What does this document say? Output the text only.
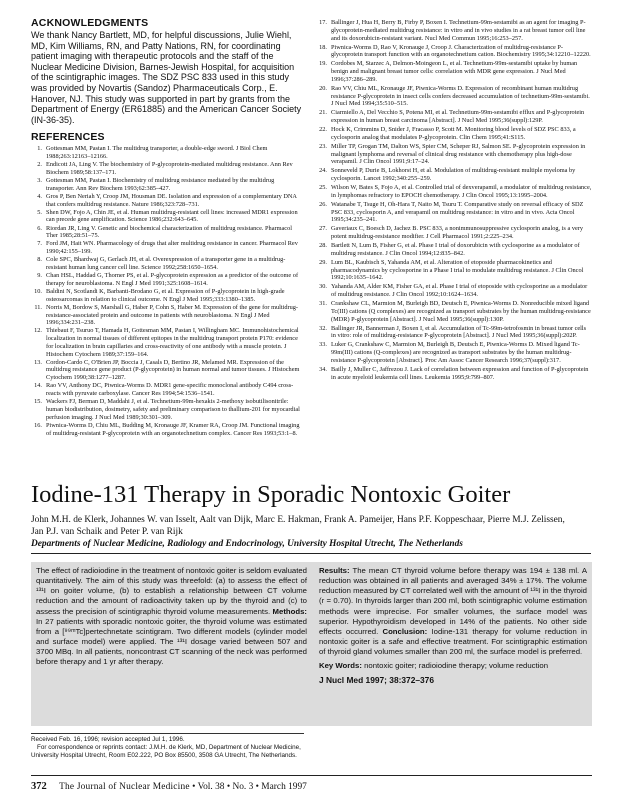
ACKNOWLEDGMENTS

We thank Nancy Bartlett, MD, for helpful discussions, Julie Wiehl, MD, Kim Williams, RN, and Patty Nations, RN, for coordinating patient imaging with therapeutic protocols and the staff of the Nuclear Medicine Division, Barnes-Jewish Hospital, for acquisition of the scintigraphic images. The SDZ PSC 833 used in this study was provided by Novartis (Sandoz) Pharmaceuticals Corp., E. Hanover, NJ. This study was supported in part by grants from the Department of Energy (ER61885) and the American Cancer Society (IN-36-35).

REFERENCES
1. Gottesman MM, Pastan I. The multidrug transporter, a double-edge sword. J Biol Chem 1988;263:12163–12166.
2. Endicott JA, Ling V. The biochemistry of P-glycoprotein-mediated multidrug resistance. Ann Rev Biochem 1989;58:137–171.
3. Gottesman MM, Pastan I. Biochemistry of multidrug resistance mediated by the multidrug transporter. Ann Rev Biochem 1993;62:385–427.
4. Gros P, Ben Neriah Y, Croop JM, Housman DE. Isolation and expression of a complementary DNA that confers multidrug resistance. Nature 1986;323:728–731.
5. Shen DW, Fojo A, Chin JE, et al. Human multidrug-resistant cell lines: increased MDR1 expression can precede gene amplification. Science 1986;232:643–645.
6. Riordan JR, Ling V. Genetic and biochemical characterization of multidrug resistance. Pharmacol Ther 1985;28:51–75.
7. Ford JM, Hait WN. Pharmacology of drugs that alter multidrug resistance in cancer. Pharmacol Rev 1990;42:155–199.
8. Cole SPC, Bhardwaj G, Gerlach JH, et al. Overexpression of a transporter gene in a multidrug-resistant human lung cancer cell line. Science 1992;258:1650–1654.
9. Chan HSL, Haddad G, Thorner PS, et al. P-glycoprotein expression as a predictor of the outcome of therapy for neuroblastoma. N Engl J Med 1991;325:1608–1614.
10. Baldini N, Scotlandi K, Barbanti-Brodano G, et al. Expression of P-glycoprotein in high-grade osteosarcomas in relation to clinical outcome. N Engl J Med 1995;333:1380–1385.
11. Norris M, Bordow S, Marshall G, Haber P, Cohn S, Haber M. Expression of the gene for multidrug-resistance-associated protein and outcome in patients with neuroblastoma. N Engl J Med 1996;334:231–238.
12. Thiebaut F, Tsuruo T, Hamada H, Gottesman MM, Pastan I, Willingham MC. Immunohistochemical localization in normal tissues of different epitopes in the multidrug transport protein P170: evidence for localization in brain capillaries and cross-reactivity of one antibody with a muscle protein. J Histochem Cytochem 1989;37:159–164.
13. Cordon-Cardo C, O'Brien JP, Boccia J, Casals D, Bertino JR, Melamed MR. Expression of the multidrug resistance gene product (P-glycoprotein) in human normal and tumor tissues. J Histochem Cytochem 1990;38:1277–1287.
14. Rao VV, Anthony DC, Piwnica-Worms D. MDR1 gene-specific monoclonal antibody C494 cross-reacts with pyruvate carboxylase. Cancer Res 1994;54:1536–1541.
15. Wackers FJ, Berman D, Maddahi J, et al. Technetium-99m-hexakis 2-methoxy isobutilisonitrile: human biodistribution, dosimetry, safety and preliminary comparison to thallium-201 for myocardial perfusion imaging. J Nucl Med 1989;30:301–309.
16. Piwnica-Worms D, Chiu ML, Budding M, Kronauge JF, Kramer RA, Croop JM. Functional imaging of multidrug-resistant P-glycoprotein with an organotechnetium complex. Cancer Res 1993;53:1–8.
17. Ballinger J, Hua H, Berry B, Firby P, Boxen I. Technetium-99m-sestamibi as an agent for imaging P-glycoprotein-mediated multidrug resistance: in vitro and in vivo studies in a rat breast tumor cell line and its doxorubicin-resistant variant. Nucl Med Commun 1995;16:253–257.
18. Piwnica-Worms D, Rao V, Kronauge J, Croop J. Characterization of multidrug-resistance P-glycoprotein transport function with an organotechnetium cation. Biochemistry 1995;34:12210–12220.
19. Cordobes M, Starzec A, Delmon-Moingeon L, et al. Technetium-99m-sestamibi uptake by human benign and malignant breast tumor cells: correlation with MDR gene expression. J Nucl Med 1996;37:286–289.
20. Rao VV, Chiu ML, Kronauge JF, Piwnica-Worms D. Expression of recombinant human multidrug resistance P-glycoprotein in insect cells confers decreased accumulation of technetium-99m-sestamibi. J Nucl Med 1994;35:510–515.
21. Ciarmiello A, Del Vecchio S, Potena MI, et al. Technetium-99m-sestamibi efflux and P-glycoprotein expression in human breast carcinoma [Abstract]. J Nucl Med 1995;36(suppl):129P.
22. Hock K, Crimmins D, Snider J, Fracasso P, Scott M. Monitoring blood levels of SDZ PSC 833, a cyclosporin analog that modulates P-glycoprotein. Clin Chem 1995;41:S115.
23. Miller TP, Grogan TM, Dalton WS, Spier CM, Scheper RJ, Salmon SE. P-glycoprotein expression in malignant lymphoma and reversal of clinical drug resistance with chemotherapy plus high-dose verapamil. J Clin Oncol 1991;9:17–24.
24. Sonneveld P, Durie B, Lokhorst H, et al. Modulation of multidrug-resistant multiple myeloma by cyclosporin. Lancet 1992;340:255–259.
25. Wilson W, Bates S, Fojo A, et al. Controlled trial of dexverapamil, a modulator of multidrug resistance, in lymphomas refractory to EPOCH chemotherapy. J Clin Oncol 1995;13:1995–2004.
26. Watanabe T, Tsuge H, Oh-Hara T, Naito M, Tsuru T. Comparative study on reversal efficacy of SDZ PSC 833, cyclosporin A, and verapamil on multidrug resistance: in vitro and in vivo. Acta Oncol 1995;34:235–241.
27. Gaveriaux C, Boesch D, Jachez B. PSC 833, a nonimmunosuppressive cyclosporin analog, is a very potent multidrug-resistance modifier. J Cell Pharmacol 1991;2:225–234.
28. Bartlett N, Lum B, Fisher G, et al. Phase I trial of doxorubicin with cyclosporine as a modulator of multidrug resistance. J Clin Oncol 1994;12:835–842.
29. Lum BL, Kaubisch S, Yahanda AM, et al. Alteration of etoposide pharmacokinetics and pharmacodynamics by cyclosporine in a Phase I trial to modulate multidrug resistance. J Clin Oncol 1992;10:1635–1642.
30. Yahanda AM, Alder KM, Fisher GA, et al. Phase I trial of etoposide with cyclosporine as a modulator of multidrug resistance. J Clin Oncol 1992;10:1624–1634.
31. Crankshaw CL, Marmion M, Burleigh BD, Deutsch E, Piwnica-Worms D. Nonreducible mixed ligand Tc(III) cations (Q complexes) are recognized as transport substrates by the human multidrug-resistance (MDR) P-glycoprotein [Abstract]. J Nucl Med 1995;36(suppl):130P.
32. Ballinger JR, Bannerman J, Boxen I, et al. Accumulation of Tc-99m-tetrofosmin in breast tumor cells in vitro: role of multidrug-resistance P-glycoprotein [Abstract]. J Nucl Med 1995;36(suppl):202P.
33. Luker G, Crankshaw C, Marmion M, Burleigh B, Deutsch E, Piwnica-Worms D. Mixed ligand Tc-99m(III) cations (Q-complexes) are recognized as transport substrates by the human multidrug-resistance P-glycoprotein [Abstract]. Proc Am Assoc Cancer Research 1996;37(suppl):317.
34. Bailly J, Muller C, Jaffrezou J. Lack of correlation between expression and function of P-glycoprotein in acute myeloid leukemia cell lines. Leukemia 1995;9:799–807.
Iodine-131 Therapy in Sporadic Nontoxic Goiter

John M.H. de Klerk, Johannes W. van Isselt, Aalt van Dijk, Marc E. Hakman, Frank A. Pameijer, Hans P.F. Koppeschaar, Pierre M.J. Zelissen, Jan P.J. van Schaik and Peter P. van Rijk

Departments of Nuclear Medicine, Radiology and Endocrinology, University Hospital Utrecht, The Netherlands

The effect of radioiodine in the treatment of nontoxic goiter is seldom evaluated quantitatively. The aim of this study was threefold: (a) to assess the effect of ¹³¹I on goiter volume, (b) to establish a relationship between CT volume reduction and the amount of radioactivity taken up by the thyroid and (c) to assess the precision of scintigraphic thyroid volume measurements. Methods: In 27 patients with sporadic nontoxic goiter, the thyroid volume was estimated from a [⁹⁹ᵐTc]pertechnetate scintigram. Two different models (cylinder model and surface model) were applied. The ¹³¹I dosage varied between 507 and 3700 MBq. In all patients, noncontrast CT scanning of the neck was performed before therapy and 1 yr after therapy.

Results: The mean CT thyroid volume before therapy was 194 ± 138 ml. A reduction was obtained in all patients and averaged 34% ± 17%. The volume reduction measured by CT correlated well with the amount of ¹³¹I in the thyroid (r = 0.70). In thyroids larger than 200 ml, both scintigraphic volume estimation methods were imprecise. For smaller volumes, the surface model was superior. Hypothyroidism developed in 14% of the patients. No other side effects occurred. Conclusion: Iodine-131 therapy for volume reduction in nontoxic goiter is a safe and effective treatment. For scintigraphic estimation of thyroid gland volumes smaller than 200 ml, the surface model is preferred.

Key Words: nontoxic goiter; radioiodine therapy; volume reduction

J Nucl Med 1997; 38:372–376

Received Feb. 16, 1996; revision accepted Jul 1, 1996.

For correspondence or reprints contact: J.M.H. de Klerk, MD, Department of Nuclear Medicine, University Hospital Utrecht, Room E02.222, PO Box 85500, 3508 GA Utrecht, The Netherlands.

372 The Journal of Nuclear Medicine • Vol. 38 • No. 3 • March 1997
